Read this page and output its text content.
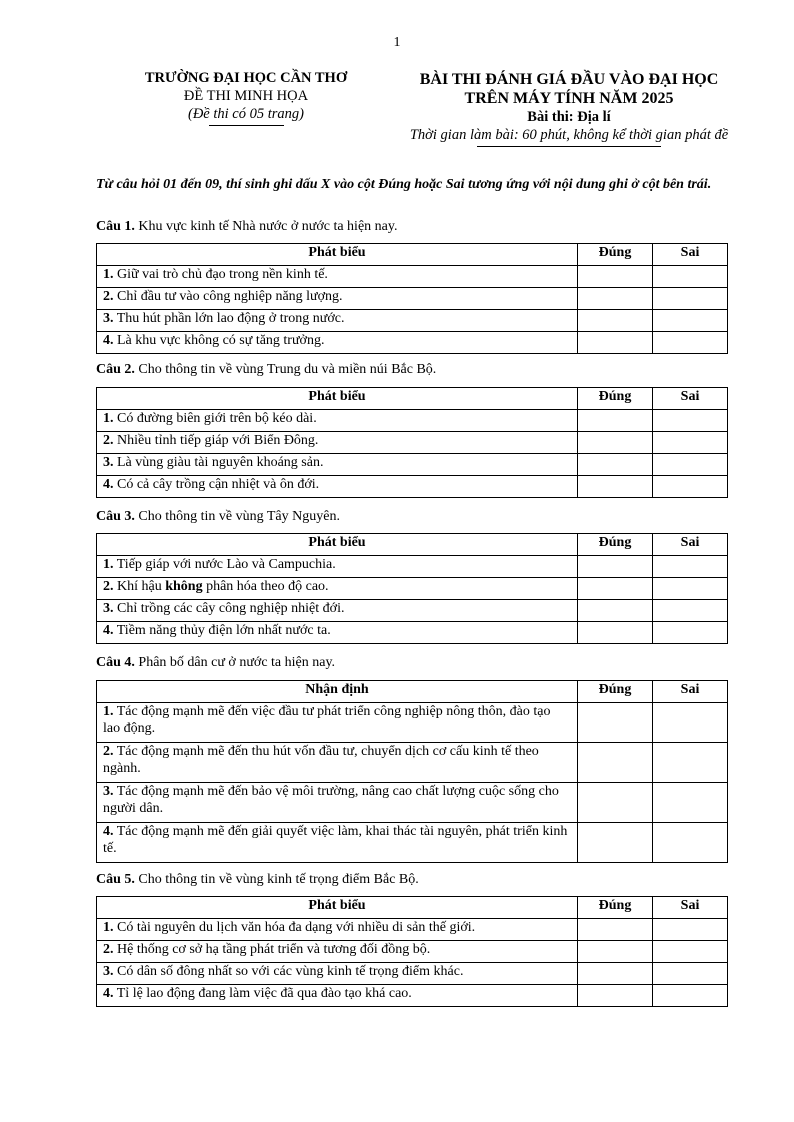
1
TRƯỜNG ĐẠI HỌC CẦN THƠ
ĐỀ THI MINH HỌA
(Đề thi có 05 trang)
BÀI THI ĐÁNH GIÁ ĐẦU VÀO ĐẠI HỌC
TRÊN MÁY TÍNH NĂM 2025
Bài thi: Địa lí
Thời gian làm bài: 60 phút, không kể thời gian phát đề
Từ câu hỏi 01 đến 09, thí sinh ghi dấu X vào cột Đúng hoặc Sai tương ứng với nội dung ghi ở cột bên trái.
Câu 1. Khu vực kinh tế Nhà nước ở nước ta hiện nay.
Phát biểu	Đúng	Sai
1. Giữ vai trò chủ đạo trong nền kinh tế.		
2. Chỉ đầu tư vào công nghiệp năng lượng.		
3. Thu hút phần lớn lao động ở trong nước.		
4. Là khu vực không có sự tăng trưởng.		
Câu 2. Cho thông tin về vùng Trung du và miền núi Bắc Bộ.
Phát biểu	Đúng	Sai
1. Có đường biên giới trên bộ kéo dài.		
2. Nhiều tỉnh tiếp giáp với Biển Đông.		
3. Là vùng giàu tài nguyên khoáng sản.		
4. Có cả cây trồng cận nhiệt và ôn đới.		
Câu 3. Cho thông tin về vùng Tây Nguyên.
Phát biểu	Đúng	Sai
1. Tiếp giáp với nước Lào và Campuchia.		
2. Khí hậu không phân hóa theo độ cao.		
3. Chỉ trồng các cây công nghiệp nhiệt đới.		
4. Tiềm năng thủy điện lớn nhất nước ta.		
Câu 4. Phân bố dân cư ở nước ta hiện nay.
Nhận định	Đúng	Sai
1. Tác động mạnh mẽ đến việc đầu tư phát triển công nghiệp nông thôn, đào tạo lao động.		
2. Tác động mạnh mẽ đến thu hút vốn đầu tư, chuyển dịch cơ cấu kinh tế theo ngành.		
3. Tác động mạnh mẽ đến bảo vệ môi trường, nâng cao chất lượng cuộc sống cho người dân.		
4. Tác động mạnh mẽ đến giải quyết việc làm, khai thác tài nguyên, phát triển kinh tế.		
Câu 5. Cho thông tin về vùng kinh tế trọng điểm Bắc Bộ.
Phát biểu	Đúng	Sai
1. Có tài nguyên du lịch văn hóa đa dạng với nhiều di sản thế giới.		
2. Hệ thống cơ sở hạ tầng phát triển và tương đối đồng bộ.		
3. Có dân số đông nhất so với các vùng kinh tế trọng điểm khác.		
4. Tỉ lệ lao động đang làm việc đã qua đào tạo khá cao.		
